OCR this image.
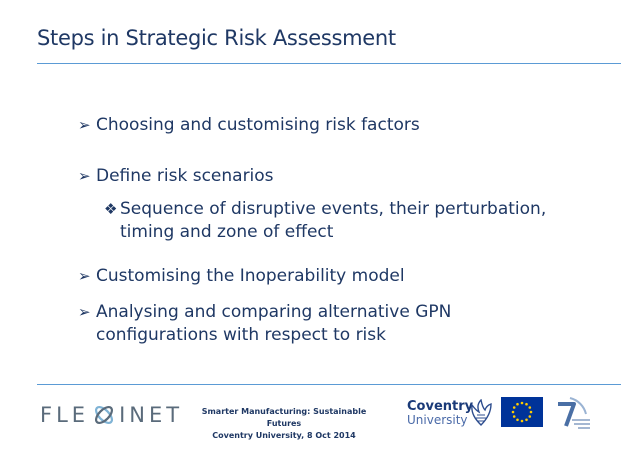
Steps in Strategic Risk Assessment
➢ Choosing and customising risk factors
➢ Define risk scenarios
❖ Sequence of disruptive events, their perturbation,
timing and zone of effect
➢ Customising the Inoperability model
➢ Analysing and comparing alternative GPN
configurations with respect to risk
FLE INET	Smarter Manufacturing: Sustainable Futures
Coventry University, 8 Oct 2014
Coventry
University
